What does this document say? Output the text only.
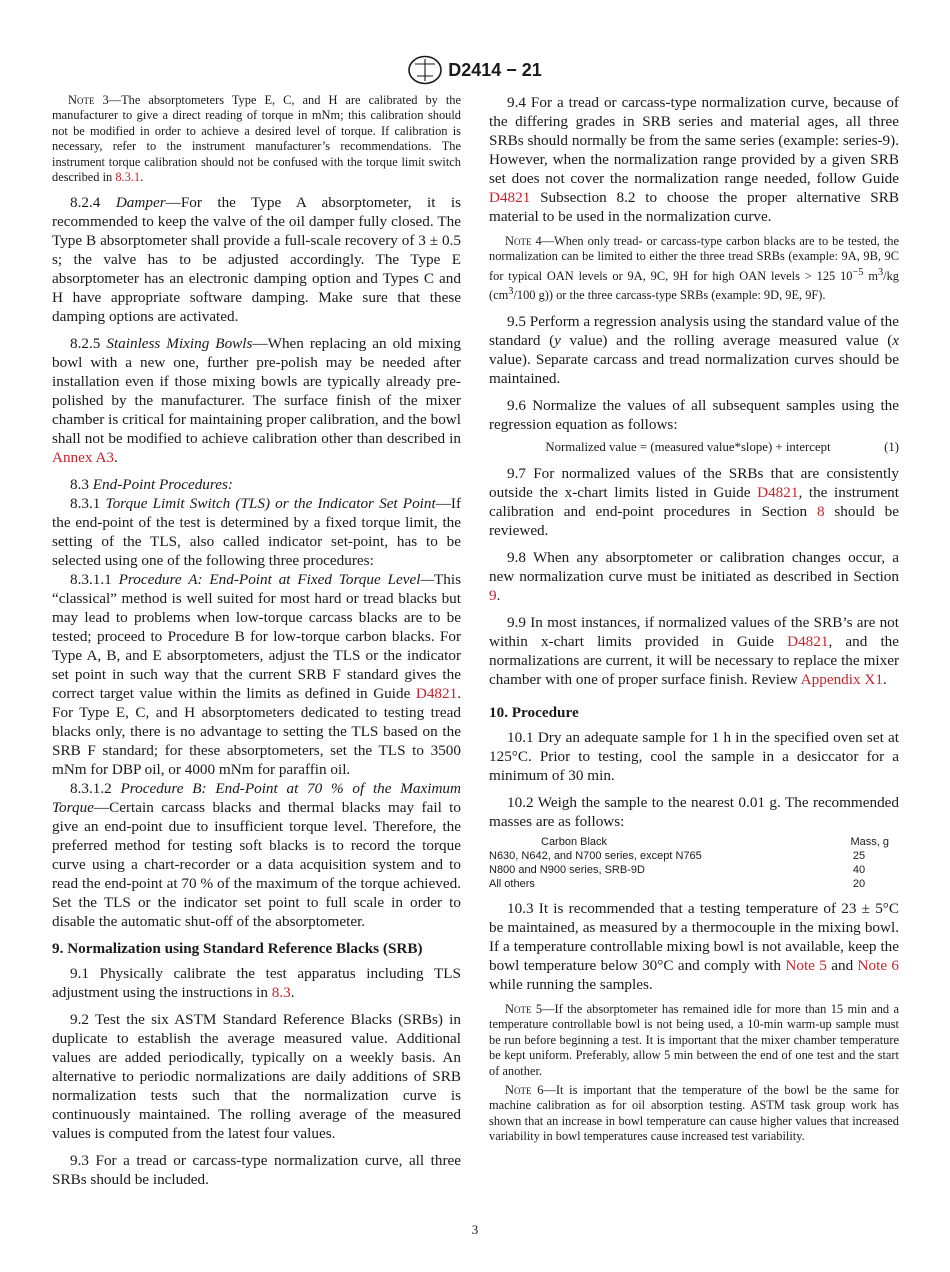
D2414 − 21

Note 3—The absorptometers Type E, C, and H are calibrated by the manufacturer to give a direct reading of torque in mNm; this calibration should not be modified in order to achieve a desired level of torque. If calibration is necessary, refer to the instrument manufacturer’s recommendations. The instrument torque calibration should not be confused with the torque limit switch described in 8.3.1.

8.2.4 Damper—For the Type A absorptometer, it is recommended to keep the valve of the oil damper fully closed. The Type B absorptometer shall provide a full-scale recovery of 3 ± 0.5 s; the valve has to be adjusted accordingly. The Type E absorptometer has an electronic damping option and Types C and H have appropriate software damping. Make sure that these damping options are activated.

8.2.5 Stainless Mixing Bowls—When replacing an old mixing bowl with a new one, further pre-polish may be needed after installation even if those mixing bowls are typically already pre-polished by the manufacturer. The surface finish of the mixer chamber is critical for maintaining proper calibration, and the bowl shall not be modified to achieve calibration other than described in Annex A3.

8.3 End-Point Procedures:

8.3.1 Torque Limit Switch (TLS) or the Indicator Set Point—If the end-point of the test is determined by a fixed torque limit, the setting of the TLS, also called indicator set-point, has to be selected using one of the following three procedures:

8.3.1.1 Procedure A: End-Point at Fixed Torque Level—This “classical” method is well suited for most hard or tread blacks but may lead to problems when low-torque carcass blacks are to be tested; proceed to Procedure B for low-torque carbon blacks. For Type A, B, and E absorptometers, adjust the TLS or the indicator set point in such way that the current SRB F standard gives the correct target value within the limits as defined in Guide D4821. For Type E, C, and H absorptometers dedicated to testing tread blacks only, there is no advantage to setting the TLS based on the SRB F standard; for these absorptometers, set the TLS to 3500 mNm for DBP oil, or 4000 mNm for paraffin oil.

8.3.1.2 Procedure B: End-Point at 70 % of the Maximum Torque—Certain carcass blacks and thermal blacks may fail to give an end-point due to insufficient torque level. Therefore, the preferred method for testing soft blacks is to record the torque curve using a chart-recorder or a data acquisition system and to read the end-point at 70 % of the maximum of the torque achieved. Set the TLS or the indicator set point to full scale in order to disable the automatic shut-off of the absorptometer.

9. Normalization using Standard Reference Blacks (SRB)

9.1 Physically calibrate the test apparatus including TLS adjustment using the instructions in 8.3.

9.2 Test the six ASTM Standard Reference Blacks (SRBs) in duplicate to establish the average measured value. Additional values are added periodically, typically on a weekly basis. An alternative to periodic normalizations are daily additions of SRB normalization tests such that the normalization curve is continuously maintained. The rolling average of the measured values is computed from the latest four values.

9.3 For a tread or carcass-type normalization curve, all three SRBs should be included.

9.4 For a tread or carcass-type normalization curve, because of the differing grades in SRB series and material ages, all three SRBs should normally be from the same series (example: series-9). However, when the normalization range provided by a given SRB set does not cover the normalization range needed, follow Guide D4821 Subsection 8.2 to choose the proper alternative SRB material to be used in the normalization curve.

Note 4—When only tread- or carcass-type carbon blacks are to be tested, the normalization can be limited to either the three tread SRBs (example: 9A, 9B, 9C for typical OAN levels or 9A, 9C, 9H for high OAN levels > 125 $10^{-5}$ $m^3/kg$ ($cm^3/100$ g)) or the three carcass-type SRBs (example: 9D, 9E, 9F).

9.5 Perform a regression analysis using the standard value of the standard (y value) and the rolling average measured value (x value). Separate carcass and tread normalization curves should be maintained.

9.6 Normalize the values of all subsequent samples using the regression equation as follows:

Normalized value = (measured value*slope) + intercept	(1)

9.7 For normalized values of the SRBs that are consistently outside the x-chart limits listed in Guide D4821, the instrument calibration and end-point procedures in Section 8 should be reviewed.

9.8 When any absorptometer or calibration changes occur, a new normalization curve must be initiated as described in Section 9.

9.9 In most instances, if normalized values of the SRB’s are not within x-chart limits provided in Guide D4821, and the normalizations are current, it will be necessary to replace the mixer chamber with one of proper surface finish. Review Appendix X1.

10. Procedure

10.1 Dry an adequate sample for 1 h in the specified oven set at 125°C. Prior to testing, cool the sample in a desiccator for a minimum of 30 min.

10.2 Weigh the sample to the nearest 0.01 g. The recommended masses are as follows:

Carbon Black	Mass, g
N630, N642, and N700 series, except N765	25
N800 and N900 series, SRB-9D	40
All others	20

10.3 It is recommended that a testing temperature of 23 ± 5°C be maintained, as measured by a thermocouple in the mixing bowl. If a temperature controllable mixing bowl is not available, keep the bowl temperature below 30°C and comply with Note 5 and Note 6 while running the samples.

Note 5—If the absorptometer has remained idle for more than 15 min and a temperature controllable bowl is not being used, a 10-min warm-up sample must be run before beginning a test. It is important that the mixer chamber temperature be kept uniform. Preferably, allow 5 min between the end of one test and the start of another.

Note 6—It is important that the temperature of the bowl be the same for machine calibration as for oil absorption testing. ASTM task group work has shown that an increase in bowl temperature can cause higher values that increased variability in bowl temperatures cause increased test variability.

3
